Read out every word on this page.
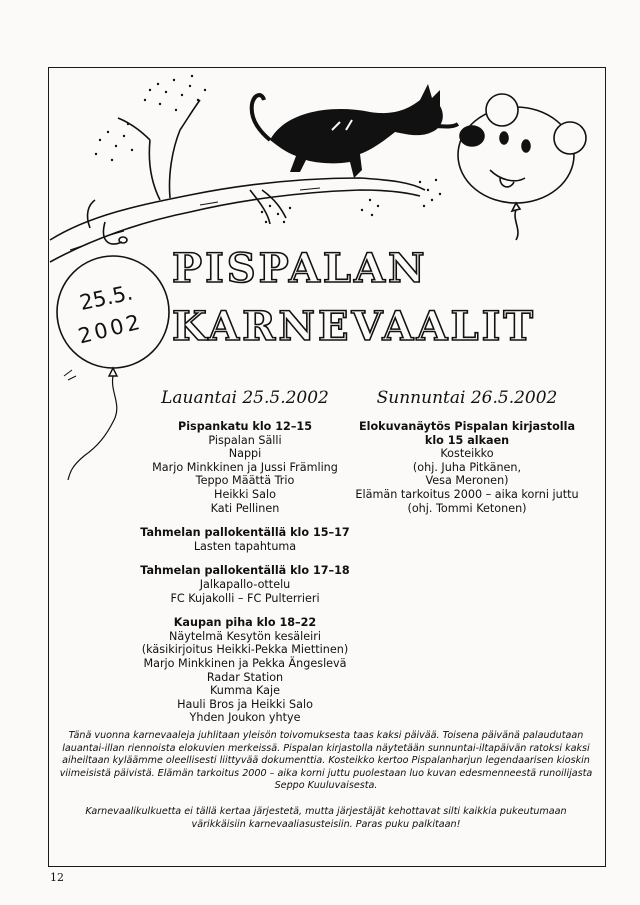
PISPALAN
KARNEVAALIT
25.5.
2002
Lauantai 25.5.2002
Pispankatu klo 12–15
Pispalan Sälli
Nappi
Marjo Minkkinen ja Jussi Främling
Teppo Määttä Trio
Heikki Salo
Kati Pellinen
Tahmelan pallokentällä klo 15–17
Lasten tapahtuma
Tahmelan pallokentällä klo 17–18
Jalkapallo-ottelu
FC Kujakolli – FC Pulterrieri
Kaupan piha klo 18–22
Näytelmä Kesytön kesäleiri
(käsikirjoitus Heikki-Pekka Miettinen)
Marjo Minkkinen ja Pekka Ängeslevä
Radar Station
Kumma Kaje
Hauli Bros ja Heikki Salo
Yhden Joukon yhtye
Sunnuntai 26.5.2002
Elokuvanäytös Pispalan kirjastolla
klo 15 alkaen
Kosteikko
(ohj. Juha Pitkänen,
Vesa Meronen)
Elämän tarkoitus 2000 – aika korni juttu
(ohj. Tommi Ketonen)
Tänä vuonna karnevaaleja juhlitaan yleisön toivomuksesta taas kaksi päivää. Toisena päivänä palaudutaan lauantai-illan riennoista elokuvien merkeissä. Pispalan kirjastolla näytetään sunnuntai-iltapäivän ratoksi kaksi aiheiltaan kyläämme oleellisesti liittyvää dokumenttia. Kosteikko kertoo Pispalanharjun legendaarisen kioskin viimeisistä päivistä. Elämän tarkoitus 2000 – aika korni juttu puolestaan luo kuvan edesmenneestä runoilijasta Seppo Kuuluvaisesta.
Karnevaalikulkuetta ei tällä kertaa järjestetä, mutta järjestäjät kehottavat silti kaikkia pukeutumaan värikkäisiin karnevaaliasusteisiin. Paras puku palkitaan!
12
